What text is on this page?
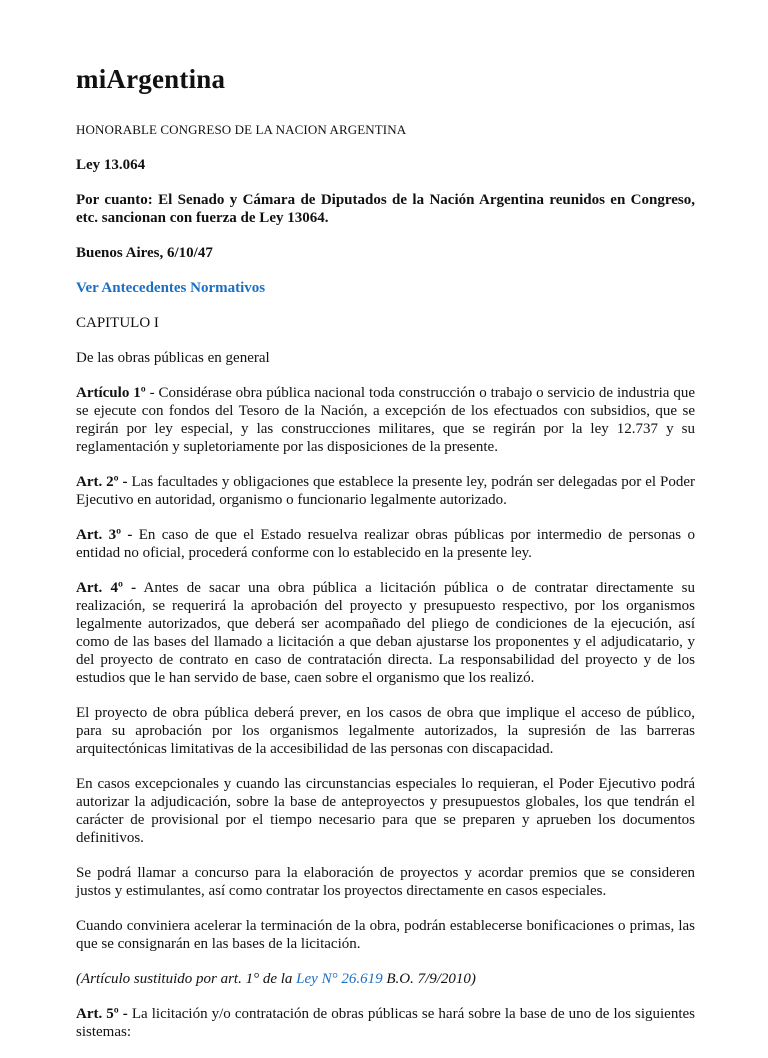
miArgentina

HONORABLE CONGRESO DE LA NACION ARGENTINA

Ley 13.064

Por cuanto: El Senado y Cámara de Diputados de la Nación Argentina reunidos en Congreso, etc. sancionan con fuerza de Ley 13064.

Buenos Aires, 6/10/47

Ver Antecedentes Normativos

CAPITULO I

De las obras públicas en general

Artículo 1º - Considérase obra pública nacional toda construcción o trabajo o servicio de industria que se ejecute con fondos del Tesoro de la Nación, a excepción de los efectuados con subsidios, que se regirán por ley especial, y las construcciones militares, que se regirán por la ley 12.737 y su reglamentación y supletoriamente por las disposiciones de la presente.

Art. 2º - Las facultades y obligaciones que establece la presente ley, podrán ser delegadas por el Poder Ejecutivo en autoridad, organismo o funcionario legalmente autorizado.

Art. 3º - En caso de que el Estado resuelva realizar obras públicas por intermedio de personas o entidad no oficial, procederá conforme con lo establecido en la presente ley.

Art. 4º - Antes de sacar una obra pública a licitación pública o de contratar directamente su realización, se requerirá la aprobación del proyecto y presupuesto respectivo, por los organismos legalmente autorizados, que deberá ser acompañado del pliego de condiciones de la ejecución, así como de las bases del llamado a licitación a que deban ajustarse los proponentes y el adjudicatario, y del proyecto de contrato en caso de contratación directa. La responsabilidad del proyecto y de los estudios que le han servido de base, caen sobre el organismo que los realizó.

El proyecto de obra pública deberá prever, en los casos de obra que implique el acceso de público, para su aprobación por los organismos legalmente autorizados, la supresión de las barreras arquitectónicas limitativas de la accesibilidad de las personas con discapacidad.

En casos excepcionales y cuando las circunstancias especiales lo requieran, el Poder Ejecutivo podrá autorizar la adjudicación, sobre la base de anteproyectos y presupuestos globales, los que tendrán el carácter de provisional por el tiempo necesario para que se preparen y aprueben los documentos definitivos.

Se podrá llamar a concurso para la elaboración de proyectos y acordar premios que se consideren justos y estimulantes, así como contratar los proyectos directamente en casos especiales.

Cuando conviniera acelerar la terminación de la obra, podrán establecerse bonificaciones o primas, las que se consignarán en las bases de la licitación.

(Artículo sustituido por art. 1° de la Ley N° 26.619 B.O. 7/9/2010)

Art. 5º - La licitación y/o contratación de obras públicas se hará sobre la base de uno de los siguientes sistemas:
